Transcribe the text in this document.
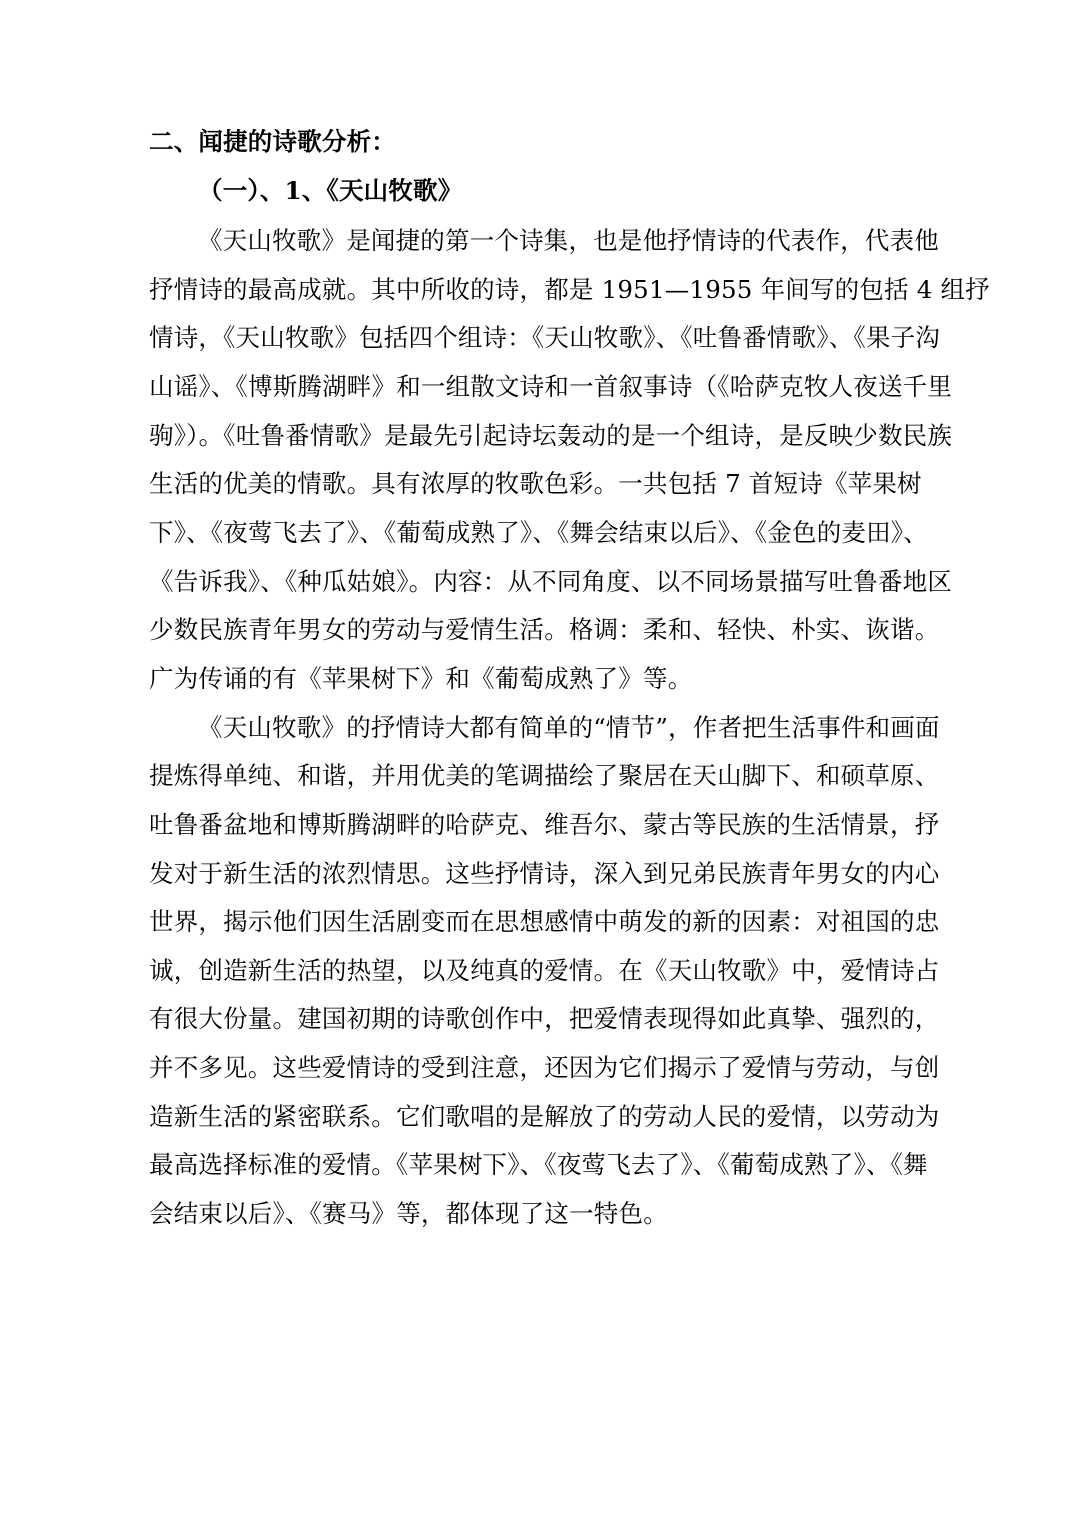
二、闻捷的诗歌分析：
（一）、1、《天山牧歌》
《天山牧歌》是闻捷的第一个诗集，也是他抒情诗的代表作，代表他
抒情诗的最高成就。其中所收的诗，都是 1951—1955 年间写的包括 4 组抒
情诗，《天山牧歌》包括四个组诗：《天山牧歌》、《吐鲁番情歌》、《果子沟
山谣》、《博斯腾湖畔》和一组散文诗和一首叙事诗（《哈萨克牧人夜送千里
驹》）。《吐鲁番情歌》是最先引起诗坛轰动的是一个组诗，是反映少数民族
生活的优美的情歌。具有浓厚的牧歌色彩。一共包括 7 首短诗《苹果树
下》、《夜莺飞去了》、《葡萄成熟了》、《舞会结束以后》、《金色的麦田》、
《告诉我》、《种瓜姑娘》。内容：从不同角度、以不同场景描写吐鲁番地区
少数民族青年男女的劳动与爱情生活。格调：柔和、轻快、朴实、诙谐。
广为传诵的有《苹果树下》和《葡萄成熟了》等。
《天山牧歌》的抒情诗大都有简单的“情节”，作者把生活事件和画面
提炼得单纯、和谐，并用优美的笔调描绘了聚居在天山脚下、和硕草原、
吐鲁番盆地和博斯腾湖畔的哈萨克、维吾尔、蒙古等民族的生活情景，抒
发对于新生活的浓烈情思。这些抒情诗，深入到兄弟民族青年男女的内心
世界，揭示他们因生活剧变而在思想感情中萌发的新的因素：对祖国的忠
诚，创造新生活的热望，以及纯真的爱情。在《天山牧歌》中，爱情诗占
有很大份量。建国初期的诗歌创作中，把爱情表现得如此真挚、强烈的，
并不多见。这些爱情诗的受到注意，还因为它们揭示了爱情与劳动，与创
造新生活的紧密联系。它们歌唱的是解放了的劳动人民的爱情，以劳动为
最高选择标准的爱情。《苹果树下》、《夜莺飞去了》、《葡萄成熟了》、《舞
会结束以后》、《赛马》等，都体现了这一特色。
